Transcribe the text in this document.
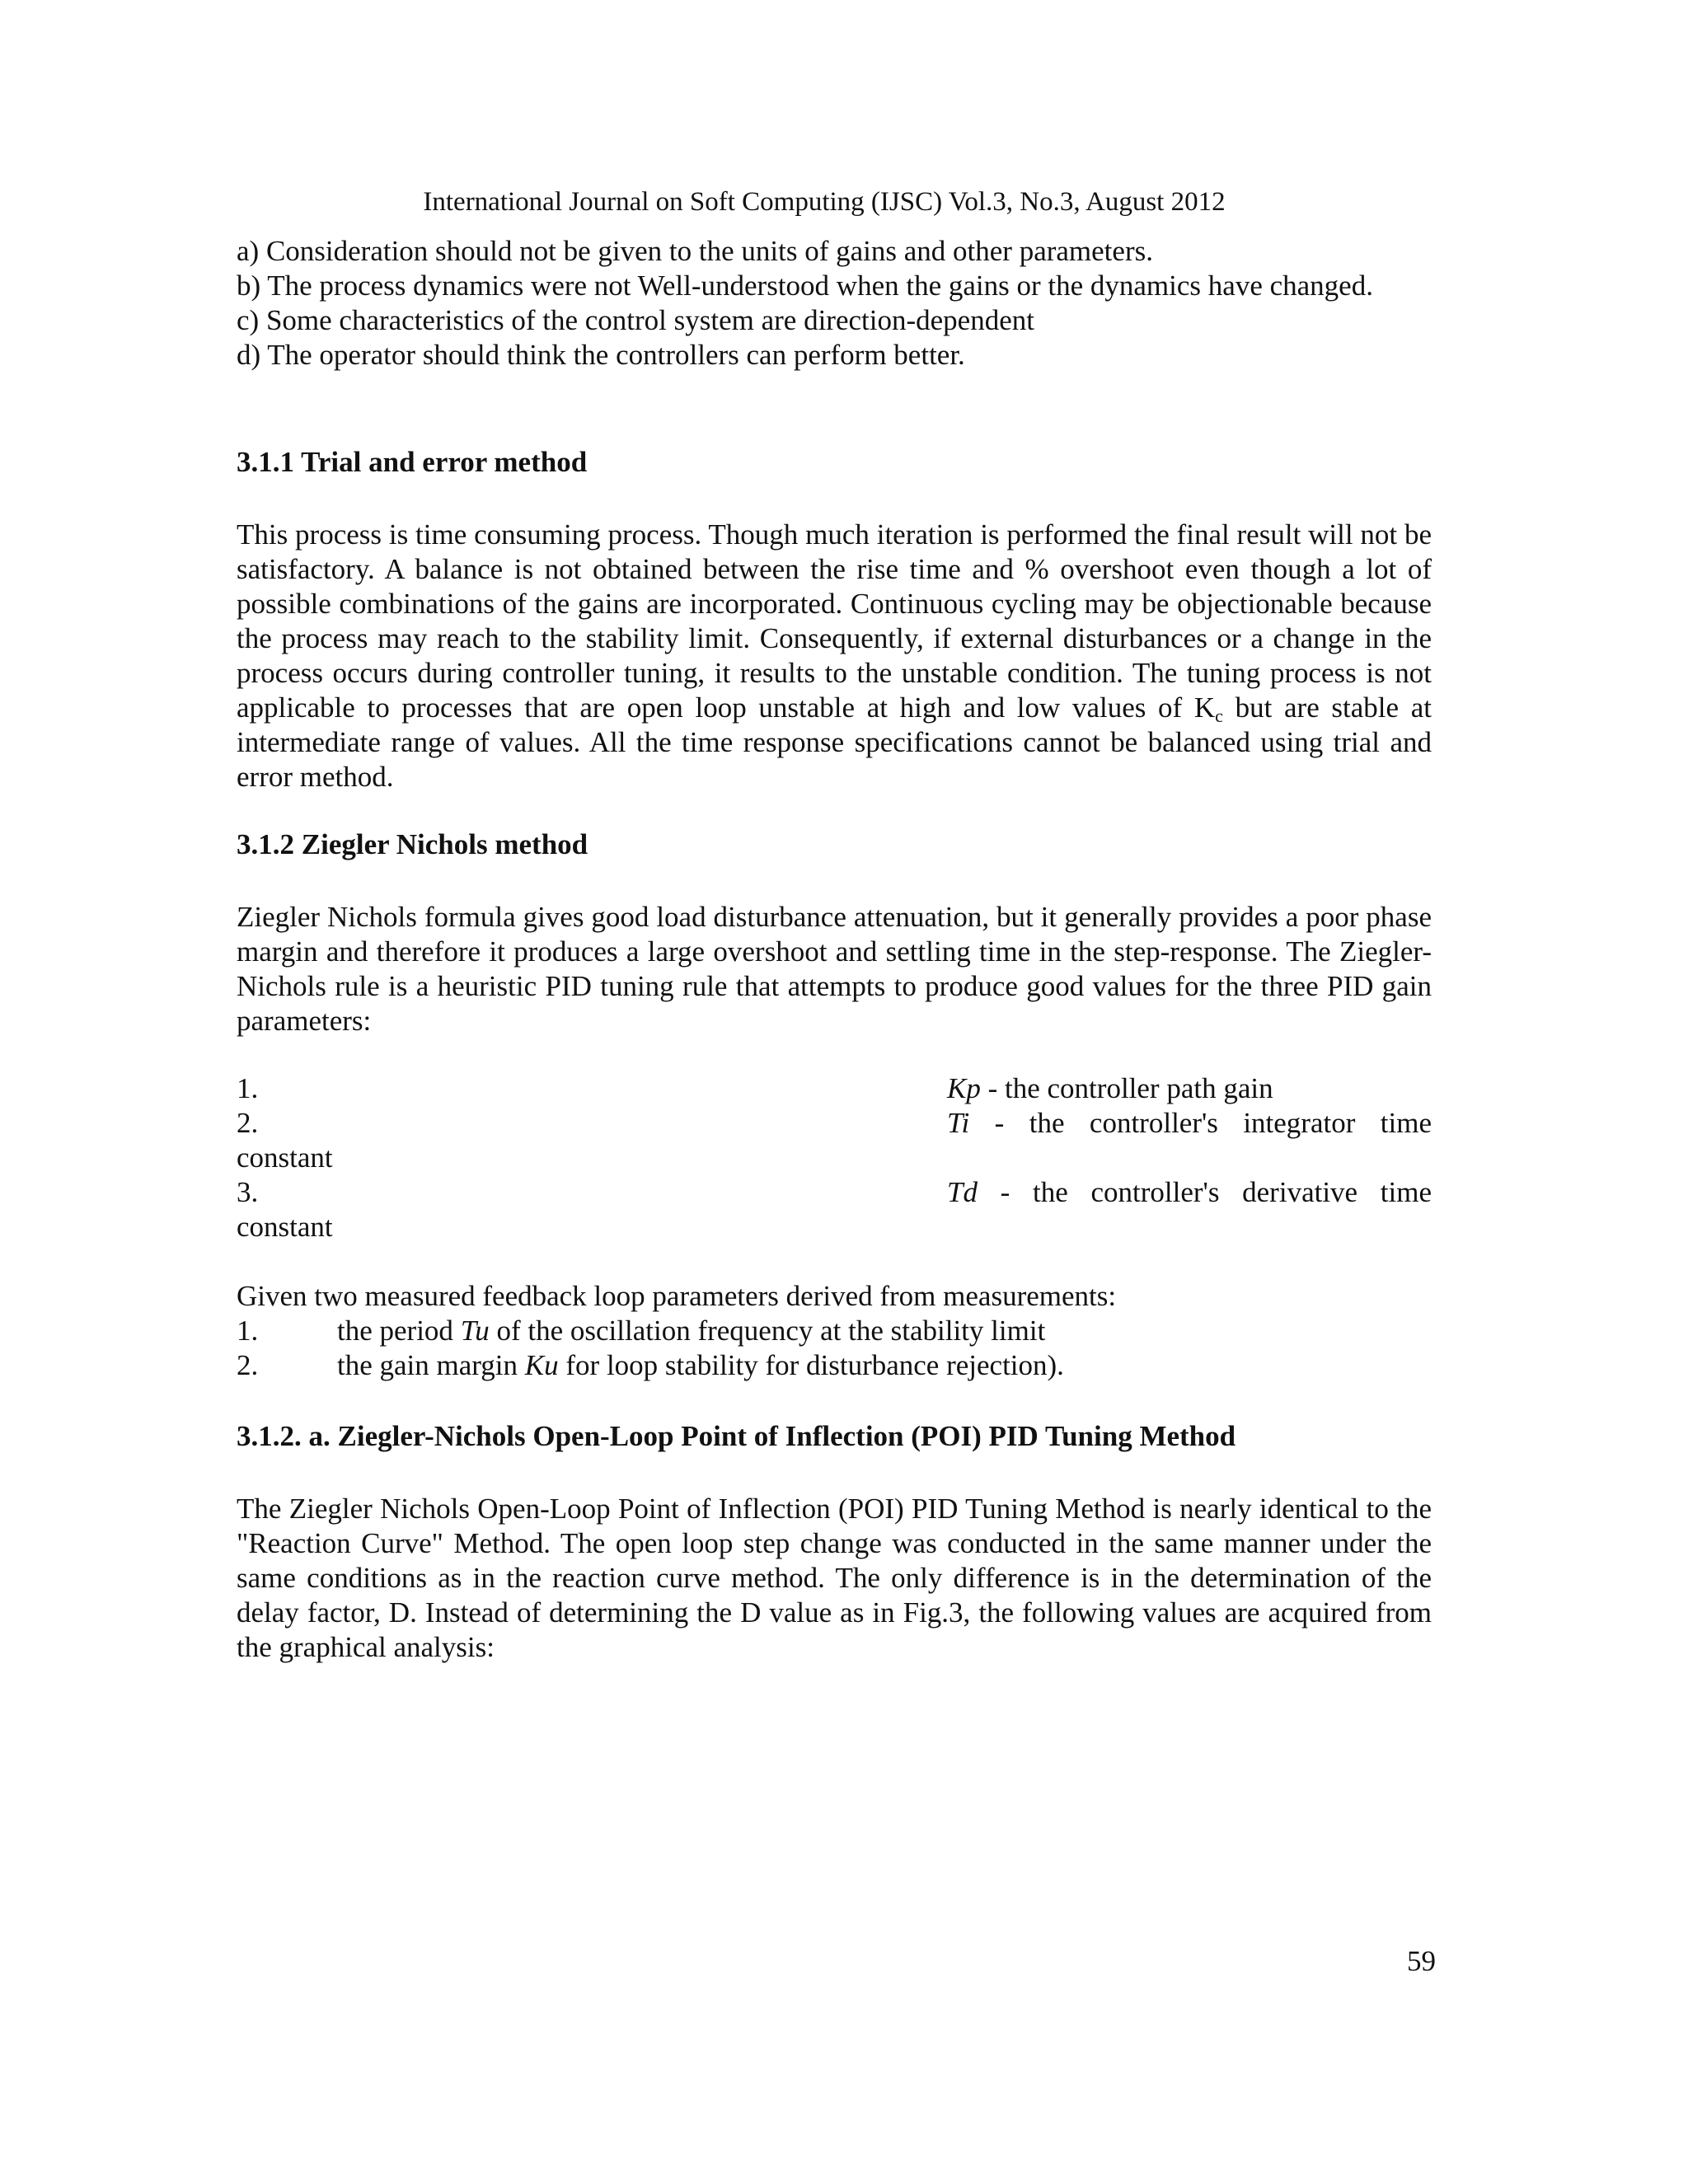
International Journal on Soft Computing (IJSC) Vol.3, No.3, August 2012
a) Consideration should not be given to the units of gains and other parameters.
b) The process dynamics were not Well-understood when the gains or the dynamics have changed.
c) Some characteristics of the control system are direction-dependent
d) The operator should think the controllers can perform better.
3.1.1 Trial and error method

This process is time consuming process. Though much iteration is performed the final result will not be satisfactory. A balance is not obtained between the rise time and % overshoot even though a lot of possible combinations of the gains are incorporated. Continuous cycling may be objectionable because the process may reach to the stability limit. Consequently, if external disturbances or a change in the process occurs during controller tuning, it results to the unstable condition. The tuning process is not applicable to processes that are open loop unstable at high and low values of $K_c$ but are stable at intermediate range of values. All the time response specifications cannot be balanced using trial and error method.

3.1.2 Ziegler Nichols method

Ziegler Nichols formula gives good load disturbance attenuation, but it generally provides a poor phase margin and therefore it produces a large overshoot and settling time in the step-response. The Ziegler-Nichols rule is a heuristic PID tuning rule that attempts to produce good values for the three PID gain parameters:

1.	Kp - the controller path gain
2.	Ti - the controller's integrator time
constant
3.	Td - the controller's derivative time
constant

Given two measured feedback loop parameters derived from measurements:

1.	the period Tu of the oscillation frequency at the stability limit
2.	the gain margin Ku for loop stability for disturbance rejection).
3.1.2. a. Ziegler-Nichols Open-Loop Point of Inflection (POI) PID Tuning Method

The Ziegler Nichols Open-Loop Point of Inflection (POI) PID Tuning Method is nearly identical to the "Reaction Curve" Method. The open loop step change was conducted in the same manner under the same conditions as in the reaction curve method. The only difference is in the determination of the delay factor, D. Instead of determining the D value as in Fig.3, the following values are acquired from the graphical analysis:

59
